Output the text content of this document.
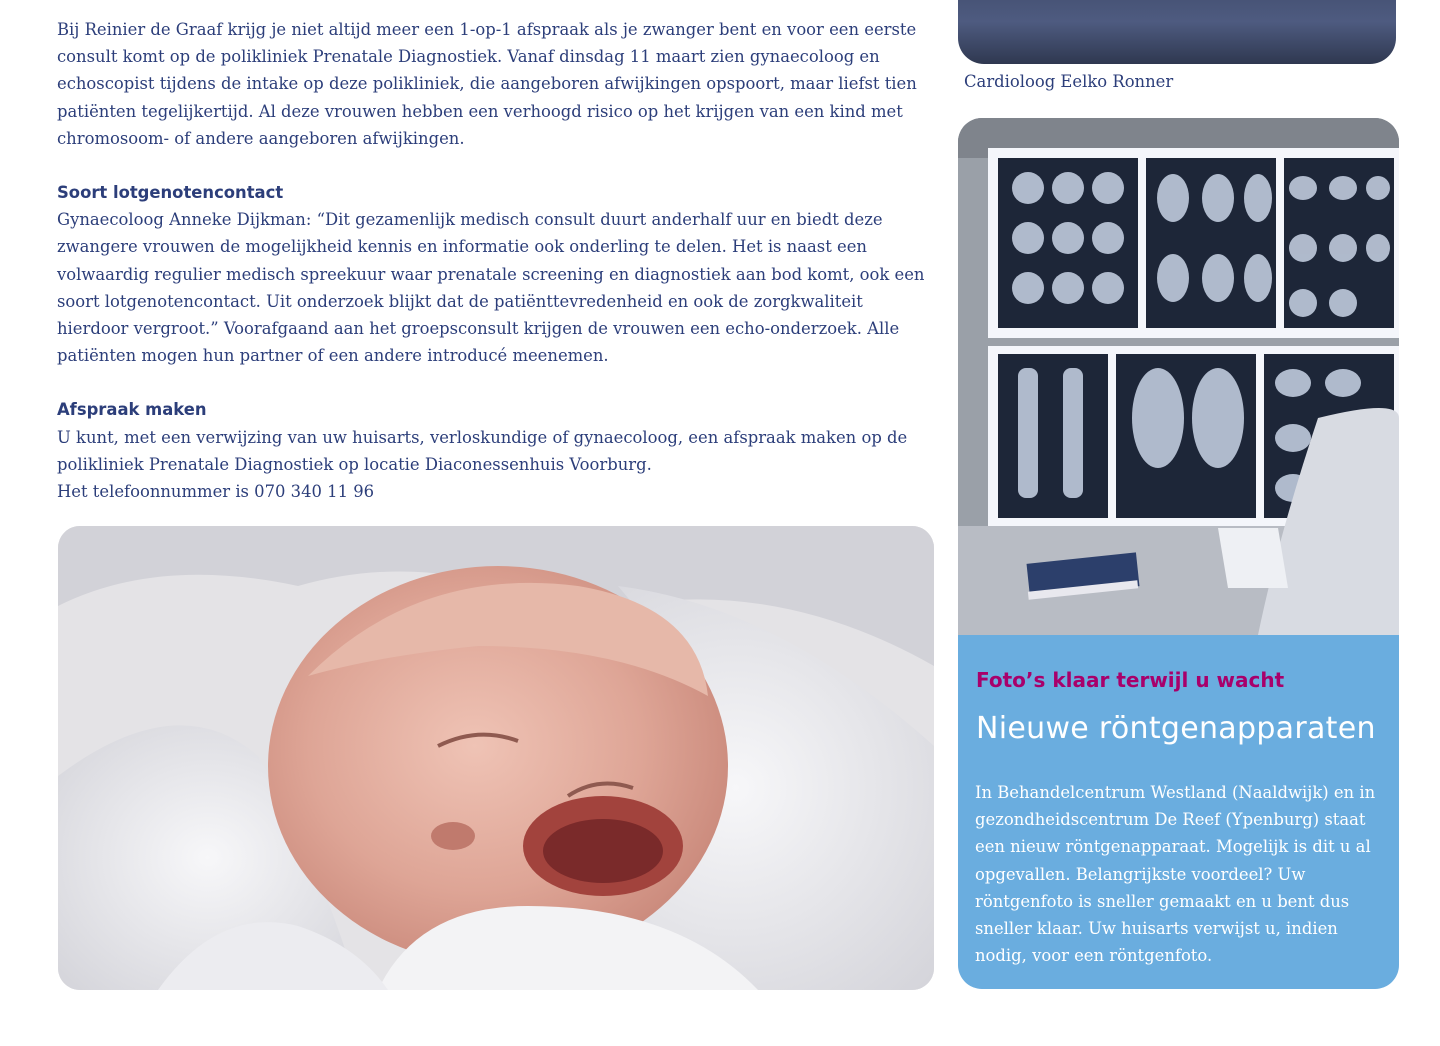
Bij Reinier de Graaf krijg je niet altijd meer een 1-op-1 afspraak als je zwanger bent en voor een eerste consult komt op de polikliniek Prenatale Diagnostiek. Vanaf dinsdag 11 maart zien gynaecoloog en echoscopist tijdens de intake op deze polikliniek, die aangeboren afwijkingen opspoort, maar liefst tien patiënten tegelijkertijd. Al deze vrouwen hebben een verhoogd risico op het krijgen van een kind met chromosoom- of andere aangeboren afwijkingen.

Soort lotgenotencontact

Gynaecoloog Anneke Dijkman: “Dit gezamenlijk medisch consult duurt anderhalf uur en biedt deze zwangere vrouwen de mogelijkheid kennis en informatie ook onderling te delen. Het is naast een volwaardig regulier medisch spreekuur waar prenatale screening en diagnostiek aan bod komt, ook een soort lotgenotencontact. Uit onderzoek blijkt dat de patiënttevredenheid en ook de zorgkwaliteit hierdoor vergroot.” Voorafgaand aan het groepsconsult krijgen de vrouwen een echo-onderzoek. Alle patiënten mogen hun partner of een andere introducé meenemen.

Afspraak maken

U kunt, met een verwijzing van uw huisarts, verloskundige of gynaecoloog, een afspraak maken op de polikliniek Prenatale Diagnostiek op locatie Diaconessenhuis Voorburg.

Het telefoonnummer is 070 340 11 96

Cardioloog Eelko Ronner
Foto’s klaar terwijl u wacht
Nieuwe röntgenapparaten

In Behandelcentrum Westland (Naaldwijk) en in gezondheidscentrum De Reef (Ypenburg) staat een nieuw röntgenapparaat. Mogelijk is dit u al opgevallen. Belangrijkste voordeel? Uw röntgenfoto is sneller gemaakt en u bent dus sneller klaar. Uw huisarts verwijst u, indien nodig, voor een röntgenfoto.
